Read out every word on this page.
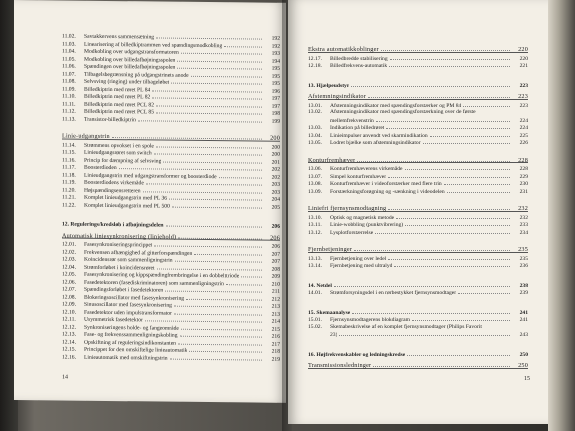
11.02.	Savtakkervens sammensætning	192
11.03.	Linearisering af billedkiptrammen ved spændingsmodkobling	192
11.04.	Modkobling over udgangstransformatoren	193
11.05.	Modkobling over billedafbøjningsspolen	194
11.06.	Spændingen over billedafbøjningsspolen	195
11.07.	Tilbagelsbegrænsning på udgangstrinets anode	195
11.08.	Selvsving (ringing) under tilbageløbet	195
11.09.	Billedkiptrin med røret PL 84	196
11.10.	Billedkiptrin med røret PL 82	197
11.11.	Billedkiptrin med røret PCL 82	197
11.12.	Billedkiptrin med røret PCL 85	198
11.13.	Transistor-billedkiptrin	199
Linie-udgangstrin	200
11.14.	Strømmens opvokset i en spole	200
11.15.	Linieudgangsrøret som switch	200
11.16.	Princip for dæmpning af selvsving	201
11.17.	Boosterdioden	202
11.18.	Linieudgangstrin med udgangstransformer og boosterdiode	202
11.19.	Boosterdiodens virkemåde	203
11.20.	Højspændingsensretteren	203
11.21.	Komplet linieudgangstrin med PL 36	204
11.22.	Komplet linieudgangstrin med PL 500	205
12. Regulerings/kredsløb i afbøjningsdelen	206
Automatisk liniesynkronisering (liniehold)	206
12.01.	Fasesynkroniseringsprincippet	206
12.02.	Frekvensen afhængighed af gitterforspændingen	207
12.03.	Koincidensrør som sammenligningstrin	207
12.04.	Strømforløbet i koincidensrøret	208
12.05.	Fasesynkronisering og kippspændingfrembringelse i en dobbelttriode	209
12.06.	Fasedetektoren (fasediskriminatoren) som sammenligningstrin	210
12.07.	Spændingsforløbet i fasedetektoren	211
12.08.	Blokeringsoscillator med fasesynkronisering	212
12.09.	Sinusoscillator med fasesynkronisering	213
12.10.	Fasedetektor uden impulstransformator	213
12.11.	Usymmetrisk fasedetektor	214
12.12.	Synkroniseringens holde- og fangeområde	215
12.13.	Fase- og frekvenssammenligningskobling	216
12.14.	Opskiftning af reguleringsindikonstanten	217
12.15.	Princippet for den omskiftelige linieautomatik	218
12.16.	Linieautomatik med omskiftningstrin	219
14
Ekstra automatikkoblinger	220
12.17.	Billedbredde stabilisering	220
12.18.	Billedfrekvens-automatik	221
13. Hjælpeudstyr	223
Afstemningsindikator	223
13.01.	Afstemningsindikator med spændingsforstærker og PM 84	223
13.02.	Afstemningsindikator med spændingsforstærkning over de første
mellemfrekvenstrin	224
13.03.	Indikation på billedrøret	224
13.04.	Linieimpulser anvendt ved skarmindikation	225
13.05.	Lodret bjælke som afstemningsindikator	226
Konturfremhæver	228
13.06.	Konturfremhæverens virkemåde	228
13.07.	Simpel konturfremhæver	229
13.08.	Konturfremhæver i videoforstærker med flere trin	230
13.09.	Forstærkningsforøgning og -sænkning i videodelen	231
Liniefri fjernsynsmodtagning	232
13.10.	Optisk og magnetisk metode	232
13.11.	Linie-wobbling (punktvibrering)	233
13.12.	Lysplotforstærrelse	234
Fjernbetjeninger	235
13.13.	Fjernbetjening over ledel	235
13.14.	Fjernbetjening med ultralyd	236
14. Netdel	238
14.01.	Strømforsyningsdel i en rørbestykket fjernsynsmodtager	239
15. Skemaanalyse	241
15.01.	Fjernsynsmodtagerens blokdiagram	241
15.02.	Skemabeskrivelse af en komplet fjernsynsmodtager (Philips Favorit
23)	243
16. Højfrekvenskabler og ledningskredse	250
Transmissionsledninger	250
15
